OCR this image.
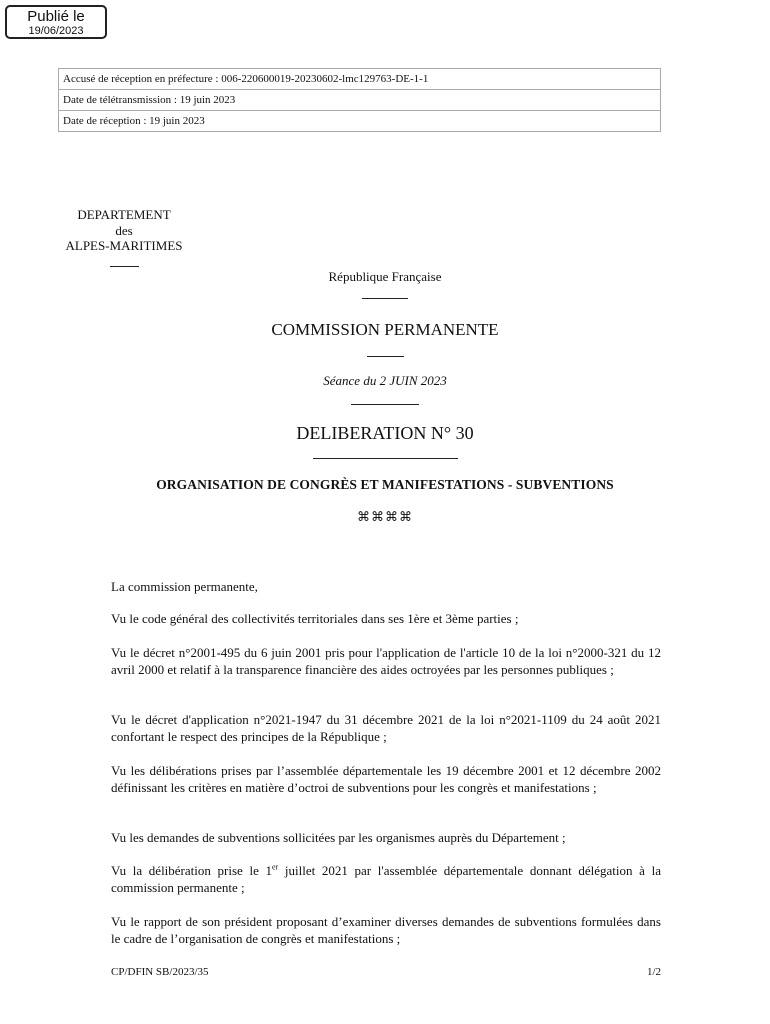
Publié le
19/06/2023
Accusé de réception en préfecture : 006-220600019-20230602-lmc129763-DE-1-1
Date de télétransmission : 19 juin 2023
Date de réception : 19 juin 2023
DEPARTEMENT
des
ALPES-MARITIMES
République Française
COMMISSION PERMANENTE
Séance du 2 JUIN 2023
DELIBERATION N° 30
ORGANISATION DE CONGRÈS ET MANIFESTATIONS - SUBVENTIONS
⌘⌘⌘⌘
La commission permanente,
Vu le code général des collectivités territoriales dans ses 1ère et 3ème parties ;
Vu le décret n°2001-495 du 6 juin 2001 pris pour l'application de l'article 10 de la loi n°2000-321 du 12 avril 2000 et relatif à la transparence financière des aides octroyées par les personnes publiques ;
Vu le décret d'application n°2021-1947 du 31 décembre 2021 de la loi n°2021-1109 du 24 août 2021 confortant le respect des principes de la République ;
Vu les délibérations prises par l’assemblée départementale les 19 décembre 2001 et 12 décembre 2002 définissant les critères en matière d’octroi de subventions pour les congrès et manifestations ;
Vu les demandes de subventions sollicitées par les organismes auprès du Département ;
Vu la délibération prise le 1er juillet 2021 par l'assemblée départementale donnant délégation à la commission permanente ;
Vu le rapport de son président proposant d’examiner diverses demandes de subventions formulées dans le cadre de l’organisation de congrès et manifestations ;
CP/DFIN SB/2023/35	1/2
